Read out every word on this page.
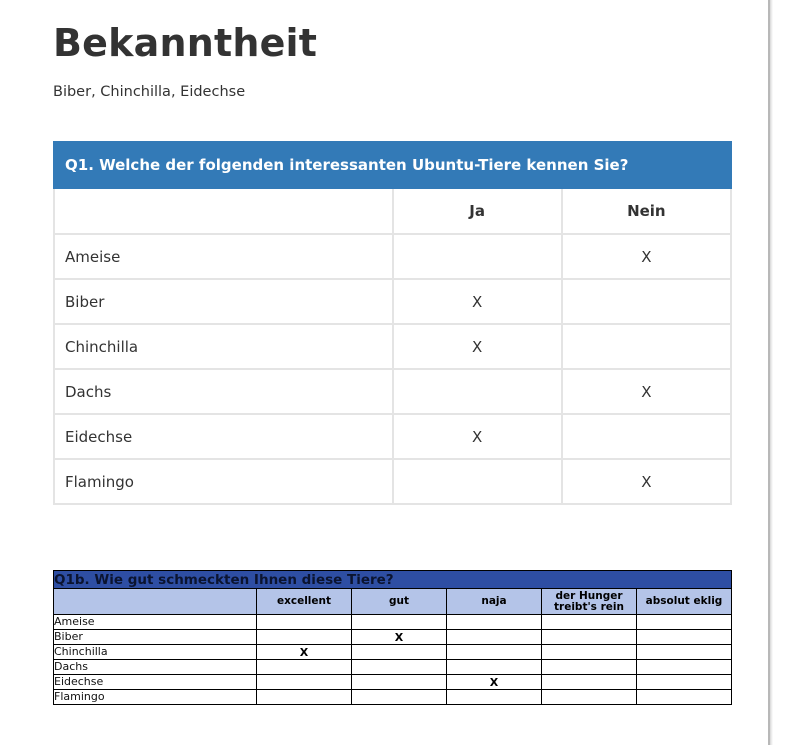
Bekanntheit

Biber, Chinchilla, Eidechse

Q1. Welche der folgenden interessanten Ubuntu-Tiere kennen Sie?		
	Ja	Nein
Ameise		X
Biber	X	
Chinchilla	X	
Dachs		X
Eidechse	X	
Flamingo		X
Q1b. Wie gut schmeckten Ihnen diese Tiere?					
	excellent	gut	naja	der Hunger treibt's rein	absolut eklig
Ameise					
Biber		X			
Chinchilla	X				
Dachs					
Eidechse			X		
Flamingo					
